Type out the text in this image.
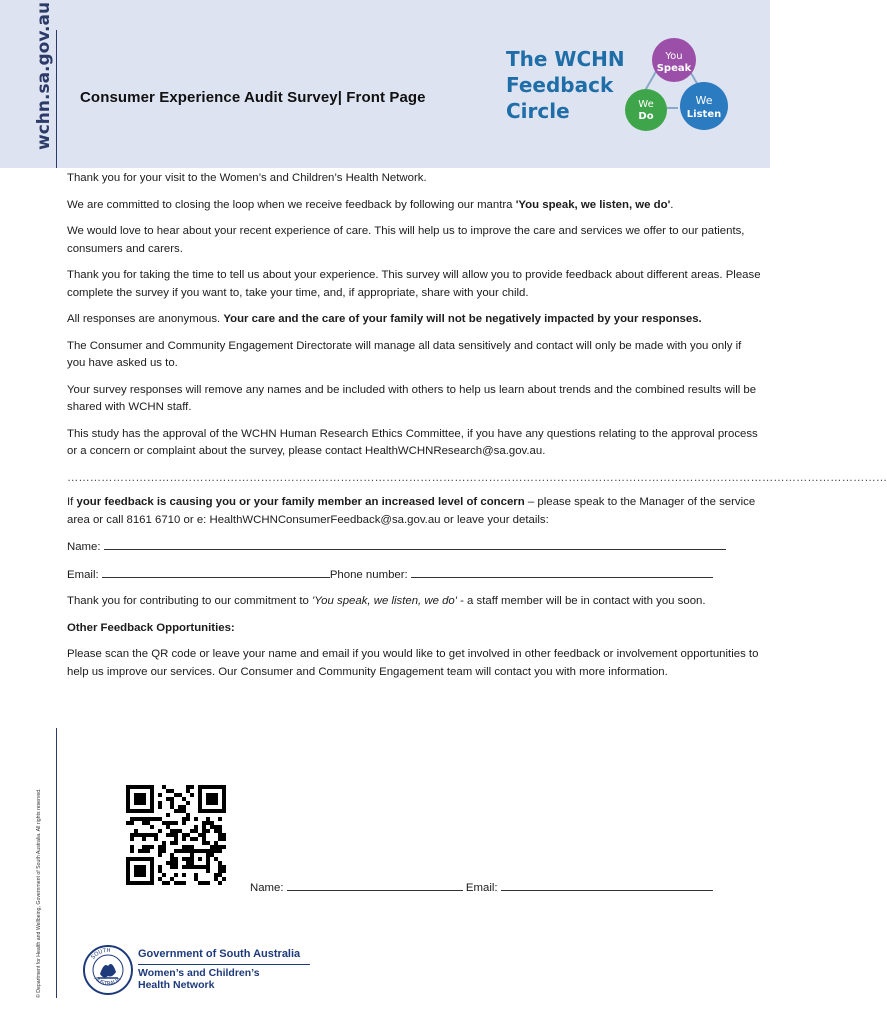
wchn.sa.gov.au Consumer Experience Audit Survey| Front Page
The WCHN
Feedback
Circle
You
Speak
We
Do
We
Listen

Thank you for your visit to the Women’s and Children’s Health Network.

We are committed to closing the loop when we receive feedback by following our mantra 'You speak, we listen, we do'.

We would love to hear about your recent experience of care. This will help us to improve the care and services we offer to our patients, consumers and carers.

Thank you for taking the time to tell us about your experience. This survey will allow you to provide feedback about different areas. Please complete the survey if you want to, take your time, and, if appropriate, share with your child.

All responses are anonymous. Your care and the care of your family will not be negatively impacted by your responses.

The Consumer and Community Engagement Directorate will manage all data sensitively and contact will only be made with you only if you have asked us to.

Your survey responses will remove any names and be included with others to help us learn about trends and the combined results will be shared with WCHN staff.

This study has the approval of the WCHN Human Research Ethics Committee, if you have any questions relating to the approval process or a concern or complaint about the survey, please contact HealthWCHNResearch@sa.gov.au.

………………………………………………………………………………………………………………………………………………………………………………………………

If your feedback is causing you or your family member an increased level of concern – please speak to the Manager of the service area or call 8161 6710 or e: HealthWCHNConsumerFeedback@sa.gov.au or leave your details:

Name:

Email:	Phone number:

Thank you for contributing to our commitment to 'You speak, we listen, we do' - a staff member will be in contact with you soon.

Other Feedback Opportunities:

Please scan the QR code or leave your name and email if you would like to get involved in other feedback or involvement opportunities to help us improve our services. Our Consumer and Community Engagement team will contact you with more information.

Name:	Email:
© Department for Health and Wellbeing, Government of South Australia. All rights reserved.	SOUTH
AUSTRALIA
Government of South Australia
Women’s and Children’s
Health Network
